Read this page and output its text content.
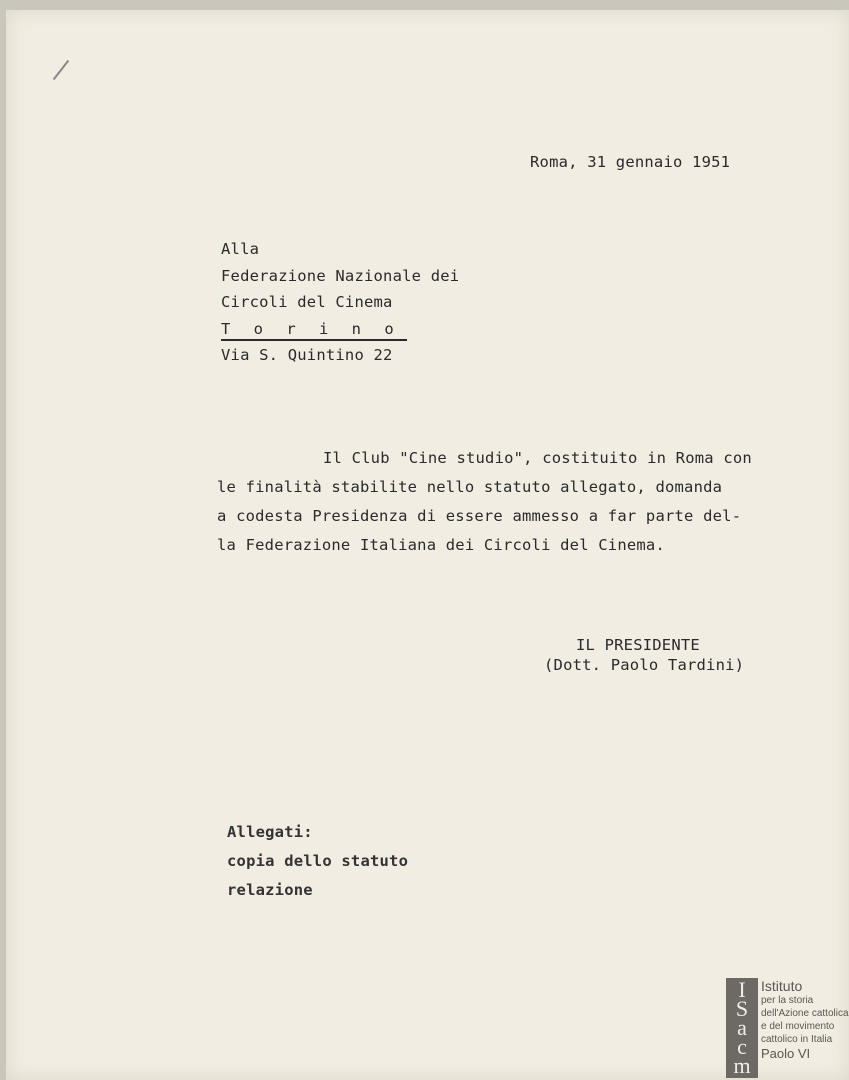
Roma, 31 gennaio 1951
Alla
Federazione Nazionale dei
Circoli del Cinema
T o r i n o
Via S. Quintino 22
Il Club "Cine studio", costituito in Roma con
le finalità stabilite nello statuto allegato, domanda
a codesta Presidenza di essere ammesso a far parte del-
la Federazione Italiana dei Circoli del Cinema.
IL PRESIDENTE
(Dott. Paolo Tardini)
Allegati:
copia dello statuto
relazione
I
S
a
c
m
Istituto
per la storia
dell'Azione cattolica
e del movimento
cattolico in Italia
Paolo VI
